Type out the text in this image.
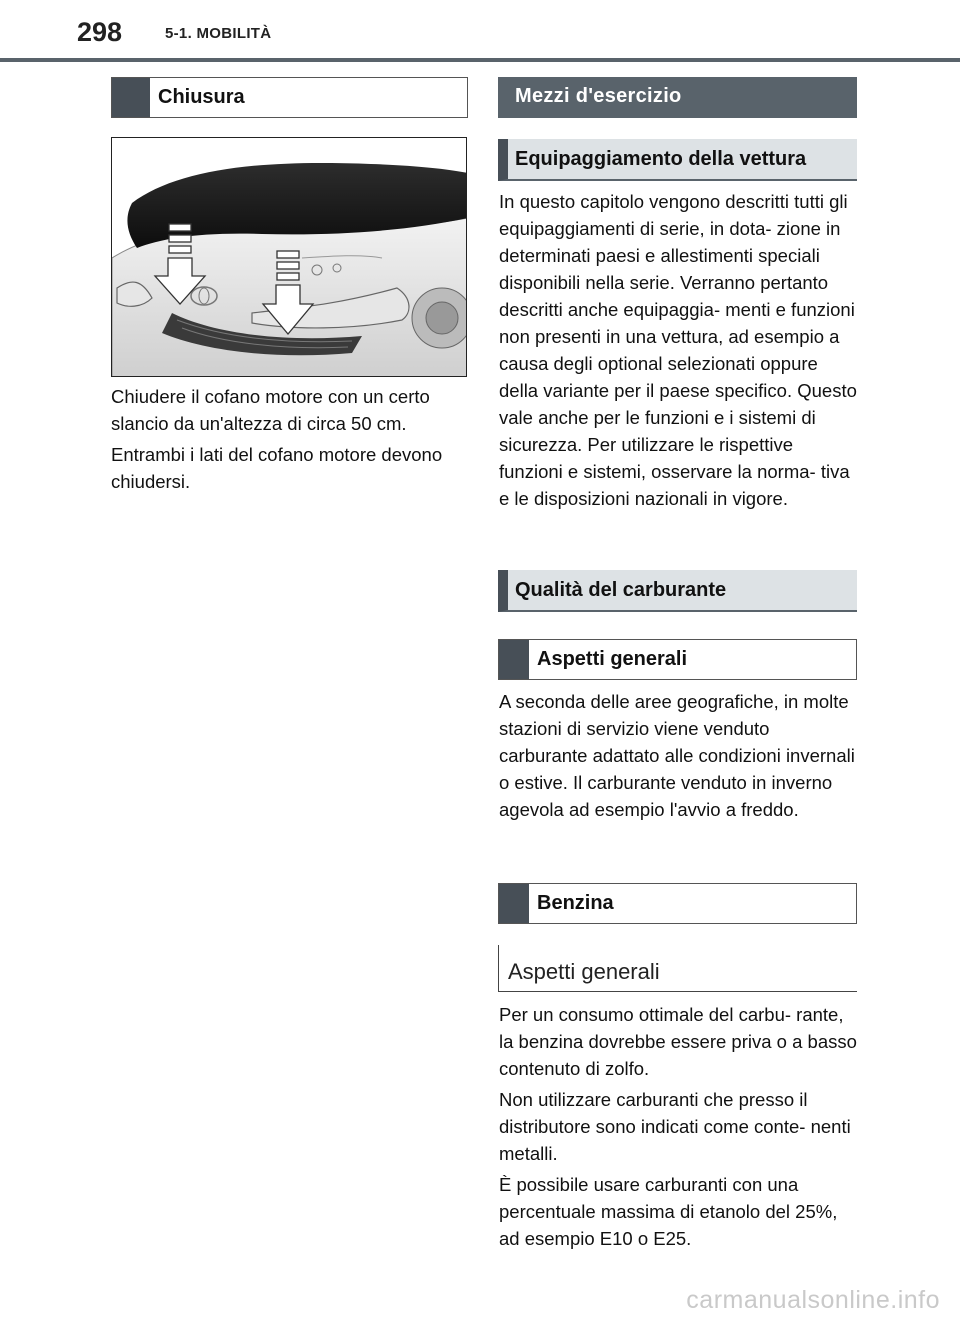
298	5-1. MOBILITÀ
Chiusura

Chiudere il cofano motore con un certo slancio da un'altezza di circa 50 cm.

Entrambi i lati del cofano motore devono chiudersi.

Mezzi d'esercizio
Equipaggiamento della vettura

In questo capitolo vengono descritti tutti gli equipaggiamenti di serie, in dota- zione in determinati paesi e allestimenti speciali disponibili nella serie. Verranno pertanto descritti anche equipaggia- menti e funzioni non presenti in una vettura, ad esempio a causa degli optional selezionati oppure della variante per il paese specifico. Questo vale anche per le funzioni e i sistemi di sicurezza. Per utilizzare le rispettive funzioni e sistemi, osservare la norma- tiva e le disposizioni nazionali in vigore.

Qualità del carburante
Aspetti generali

A seconda delle aree geografiche, in molte stazioni di servizio viene venduto carburante adattato alle condizioni invernali o estive. Il carburante venduto in inverno agevola ad esempio l'avvio a freddo.

Benzina
Aspetti generali

Per un consumo ottimale del carbu- rante, la benzina dovrebbe essere priva o a basso contenuto di zolfo.

Non utilizzare carburanti che presso il distributore sono indicati come conte- nenti metalli.

È possibile usare carburanti con una percentuale massima di etanolo del 25%, ad esempio E10 o E25.

carmanualsonline.info
